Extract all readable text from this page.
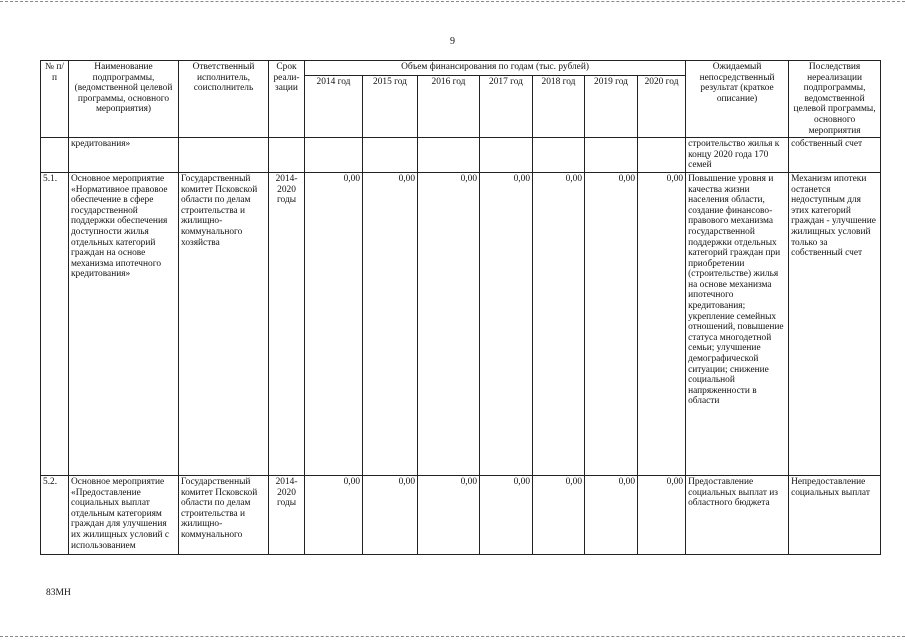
9
№ п/п	Наименование подпрограммы, (ведомственной целевой программы, основного мероприятия)	Ответственный исполнитель, соисполнитель	Срок реали- зации	Объем финансирования по годам (тыс. рублей)							Ожидаемый непосредственный результат (краткое описание)	Последствия нереализации подпрограммы, ведомственной целевой программы, основного мероприятия
				2014 год	2015 год	2016 год	2017 год	2018 год	2019 год	2020 год		
	кредитования»										строительство жилья к концу 2020 года 170 семей	собственный счет
5.1.	Основное мероприятие «Нормативное правовое обеспечение в сфере государственной поддержки обеспечения доступности жилья отдельных категорий граждан на основе механизма ипотечного кредитования»	Государственный комитет Псковской области по делам строительства и жилищно-коммунального хозяйства	2014-2020 годы	0,00	0,00	0,00	0,00	0,00	0,00	0,00	Повышение уровня и качества жизни населения области, создание финансово-правового механизма государственной поддержки отдельных категорий граждан при приобретении (строительстве) жилья на основе механизма ипотечного кредитования; укрепление семейных отношений, повышение статуса многодетной семьи; улучшение демографической ситуации; снижение социальной напряженности в области	Механизм ипотеки останется недоступным для этих категорий граждан - улучшение жилищных условий только за собственный счет
5.2.	Основное мероприятие «Предоставление социальных выплат отдельным категориям граждан для улучшения их жилищных условий с использованием	Государственный комитет Псковской области по делам строительства и жилищно-коммунального	2014-2020 годы	0,00	0,00	0,00	0,00	0,00	0,00	0,00	Предоставление социальных выплат из областного бюджета	Непредоставление социальных выплат
83МН
